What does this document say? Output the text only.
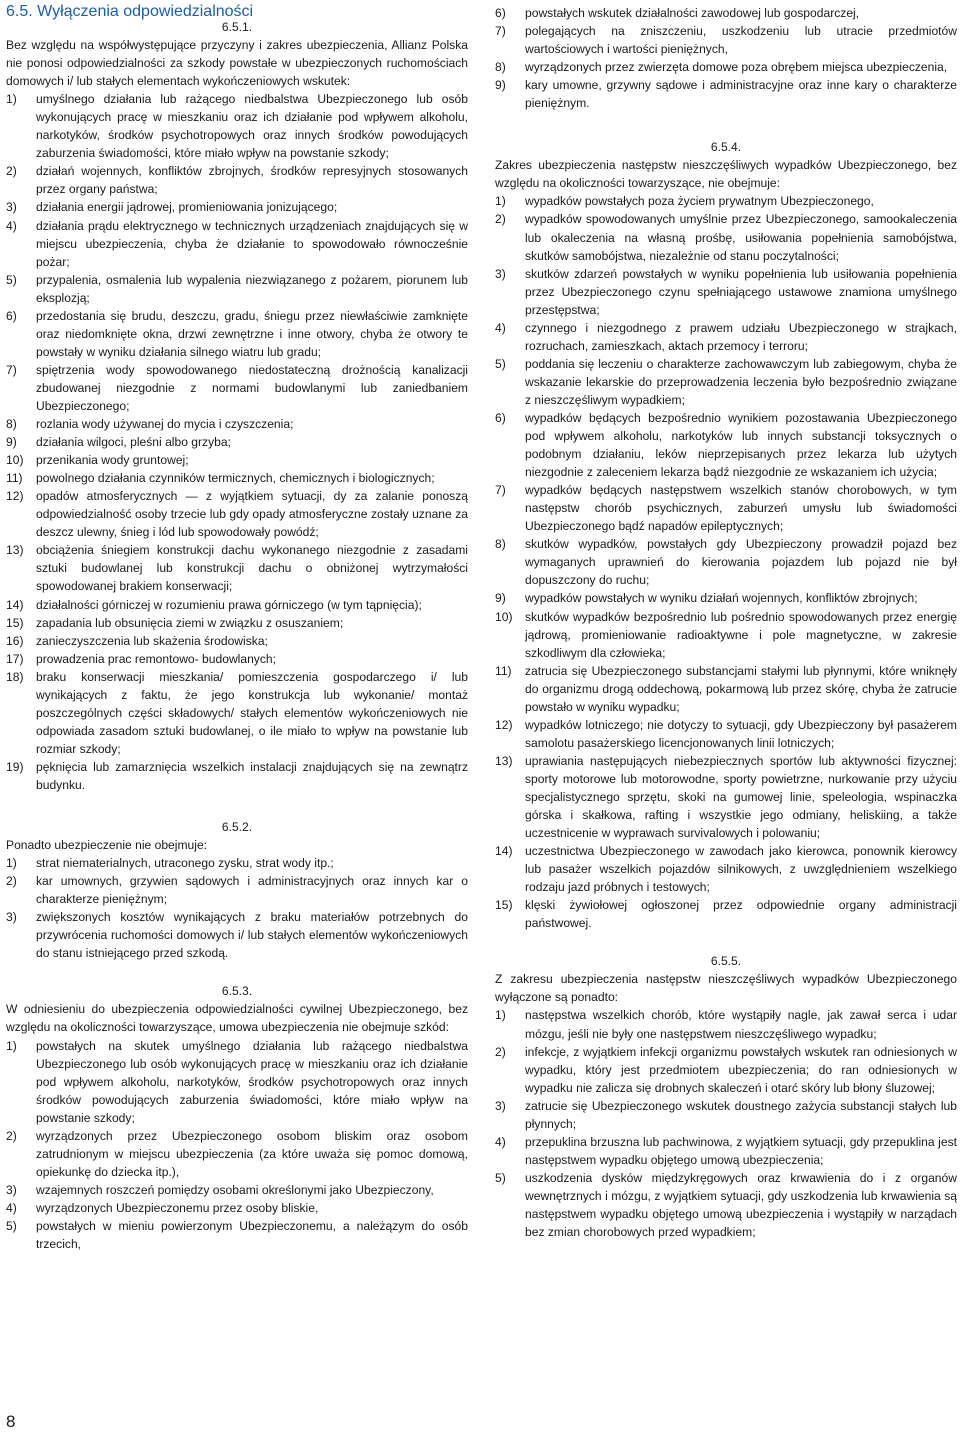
6.5. Wyłączenia odpowiedzialności
6.5.1.

Bez względu na współwystępujące przyczyny i zakres ubezpieczenia, Allianz Polska nie ponosi odpowiedzialności za szkody powstałe w ubezpieczonych ruchomościach domowych i/ lub stałych elementach wykończeniowych wskutek:

1)	umyślnego działania lub rażącego niedbalstwa Ubezpieczonego lub osób wykonujących pracę w mieszkaniu oraz ich działanie pod wpływem alkoholu, narkotyków, środków psychotropowych oraz innych środków powodujących zaburzenia świadomości, które miało wpływ na powstanie szkody;
2)	działań wojennych, konfliktów zbrojnych, środków represyjnych stosowanych przez organy państwa;
3)	działania energii jądrowej, promieniowania jonizującego;
4)	działania prądu elektrycznego w technicznych urządzeniach znajdujących się w miejscu ubezpieczenia, chyba że działanie to spowodowało równocześnie pożar;
5)	przypalenia, osmalenia lub wypalenia niezwiązanego z pożarem, piorunem lub eksplozją;
6)	przedostania się brudu, deszczu, gradu, śniegu przez niewłaściwie zamknięte oraz niedomknięte okna, drzwi zewnętrzne i inne otwory, chyba że otwory te powstały w wyniku działania silnego wiatru lub gradu;
7)	spiętrzenia wody spowodowanego niedostateczną drożnością kanalizacji zbudowanej niezgodnie z normami budowlanymi lub zaniedbaniem Ubezpieczonego;
8)	rozlania wody używanej do mycia i czyszczenia;
9)	działania wilgoci, pleśni albo grzyba;
10)	przenikania wody gruntowej;
11)	powolnego działania czynników termicznych, chemicznych i biologicznych;
12)	opadów atmosferycznych — z wyjątkiem sytuacji, dy za zalanie ponoszą odpowiedzialność osoby trzecie lub gdy opady atmosferyczne zostały uznane za deszcz ulewny, śnieg i lód lub spowodowały powódź;
13)	obciążenia śniegiem konstrukcji dachu wykonanego niezgodnie z zasadami sztuki budowlanej lub konstrukcji dachu o obniżonej wytrzymałości spowodowanej brakiem konserwacji;
14)	działalności górniczej w rozumieniu prawa górniczego (w tym tąpnięcia);
15)	zapadania lub obsunięcia ziemi w związku z osuszaniem;
16)	zanieczyszczenia lub skażenia środowiska;
17)	prowadzenia prac remontowo- budowlanych;
18)	braku konserwacji mieszkania/ pomieszczenia gospodarczego i/ lub wynikających z faktu, że jego konstrukcja lub wykonanie/ montaż poszczególnych części składowych/ stałych elementów wykończeniowych nie odpowiada zasadom sztuki budowlanej, o ile miało to wpływ na powstanie lub rozmiar szkody;
19)	pęknięcia lub zamarznięcia wszelkich instalacji znajdujących się na zewnątrz budynku.
6.5.2.

Ponadto ubezpieczenie nie obejmuje:

1)	strat niematerialnych, utraconego zysku, strat wody itp.;
2)	kar umownych, grzywien sądowych i administracyjnych oraz innych kar o charakterze pieniężnym;
3)	zwiększonych kosztów wynikających z braku materiałów potrzebnych do przywrócenia ruchomości domowych i/ lub stałych elementów wykończeniowych do stanu istniejącego przed szkodą.
6.5.3.

W odniesieniu do ubezpieczenia odpowiedzialności cywilnej Ubezpieczonego, bez względu na okoliczności towarzyszące, umowa ubezpieczenia nie obejmuje szkód:

1)	powstałych na skutek umyślnego działania lub rażącego niedbalstwa Ubezpieczonego lub osób wykonujących pracę w mieszkaniu oraz ich działanie pod wpływem alkoholu, narkotyków, środków psychotropowych oraz innych środków powodujących zaburzenia świadomości, które miało wpływ na powstanie szkody;
2)	wyrządzonych przez Ubezpieczonego osobom bliskim oraz osobom zatrudnionym w miejscu ubezpieczenia (za które uważa się pomoc domową, opiekunkę do dziecka itp.),
3)	wzajemnych roszczeń pomiędzy osobami określonymi jako Ubezpieczony,
4)	wyrządzonych Ubezpieczonemu przez osoby bliskie,
5)	powstałych w mieniu powierzonym Ubezpieczonemu, a należązym do osób trzecich,
6)	powstałych wskutek działalności zawodowej lub gospodarczej,
7)	polegających na zniszczeniu, uszkodzeniu lub utracie przedmiotów wartościowych i wartości pieniężnych,
8)	wyrządzonych przez zwierzęta domowe poza obrębem miejsca ubezpieczenia,
9)	kary umowne, grzywny sądowe i administracyjne oraz inne kary o charakterze pieniężnym.
6.5.4.

Zakres ubezpieczenia następstw nieszczęśliwych wypadków Ubezpieczonego, bez względu na okoliczności towarzyszące, nie obejmuje:

1)	wypadków powstałych poza życiem prywatnym Ubezpieczonego,
2)	wypadków spowodowanych umyślnie przez Ubezpieczonego, samookaleczenia lub okaleczenia na własną prośbę, usiłowania popełnienia samobójstwa, skutków samobójstwa, niezależnie od stanu poczytalności;
3)	skutków zdarzeń powstałych w wyniku popełnienia lub usiłowania popełnienia przez Ubezpieczonego czynu spełniającego ustawowe znamiona umyślnego przestępstwa;
4)	czynnego i niezgodnego z prawem udziału Ubezpieczonego w strajkach, rozruchach, zamieszkach, aktach przemocy i terroru;
5)	poddania się leczeniu o charakterze zachowawczym lub zabiegowym, chyba że wskazanie lekarskie do przeprowadzenia leczenia było bezpośrednio związane z nieszczęśliwym wypadkiem;
6)	wypadków będących bezpośrednio wynikiem pozostawania Ubezpieczonego pod wpływem alkoholu, narkotyków lub innych substancji toksycznych o podobnym działaniu, leków nieprzepisanych przez lekarza lub użytych niezgodnie z zaleceniem lekarza bądź niezgodnie ze wskazaniem ich użycia;
7)	wypadków będących następstwem wszelkich stanów chorobowych, w tym następstw chorób psychicznych, zaburzeń umysłu lub świadomości Ubezpieczonego bądź napadów epileptycznych;
8)	skutków wypadków, powstałych gdy Ubezpieczony prowadził pojazd bez wymaganych uprawnień do kierowania pojazdem lub pojazd nie był dopuszczony do ruchu;
9)	wypadków powstałych w wyniku działań wojennych, konfliktów zbrojnych;
10)	skutków wypadków bezpośrednio lub pośrednio spowodowanych przez energię jądrową, promieniowanie radioaktywne i pole magnetyczne, w zakresie szkodliwym dla człowieka;
11)	zatrucia się Ubezpieczonego substancjami stałymi lub płynnymi, które wniknęły do organizmu drogą oddechową, pokarmową lub przez skórę, chyba że zatrucie powstało w wyniku wypadku;
12)	wypadków lotniczego; nie dotyczy to sytuacji, gdy Ubezpieczony był pasażerem samolotu pasażerskiego licencjonowanych linii lotniczych;
13)	uprawiania następujących niebezpiecznych sportów lub aktywności fizycznej: sporty motorowe lub motorowodne, sporty powietrzne, nurkowanie przy użyciu specjalistycznego sprzętu, skoki na gumowej linie, speleologia, wspinaczka górska i skałkowa, rafting i wszystkie jego odmiany, heliskiing, a także uczestnicenie w wyprawach survivalowych i polowaniu;
14)	uczestnictwa Ubezpieczonego w zawodach jako kierowca, ponownik kierowcy lub pasażer wszelkich pojazdów silnikowych, z uwzględnieniem wszelkiego rodzaju jazd próbnych i testowych;
15)	klęski żywiołowej ogłoszonej przez odpowiednie organy administracji państwowej.
6.5.5.

Z zakresu ubezpieczenia następstw nieszczęśliwych wypadków Ubezpieczonego wyłączone są ponadto:

1)	następstwa wszelkich chorób, które wystąpiły nagle, jak zawał serca i udar mózgu, jeśli nie były one następstwem nieszczęśliwego wypadku;
2)	infekcje, z wyjątkiem infekcji organizmu powstałych wskutek ran odniesionych w wypadku, który jest przedmiotem ubezpieczenia; do ran odniesionych w wypadku nie zalicza się drobnych skaleczeń i otarć skóry lub błony śluzowej;
3)	zatrucie się Ubezpieczonego wskutek doustnego zażycia substancji stałych lub płynnych;
4)	przepuklina brzuszna lub pachwinowa, z wyjątkiem sytuacji, gdy przepuklina jest następstwem wypadku objętego umową ubezpieczenia;
5)	uszkodzenia dysków międzykręgowych oraz krwawienia do i z organów wewnętrznych i mózgu, z wyjątkiem sytuacji, gdy uszkodzenia lub krwawienia są następstwem wypadku objętego umową ubezpieczenia i wystąpiły w narządach bez zmian chorobowych przed wypadkiem;
8
